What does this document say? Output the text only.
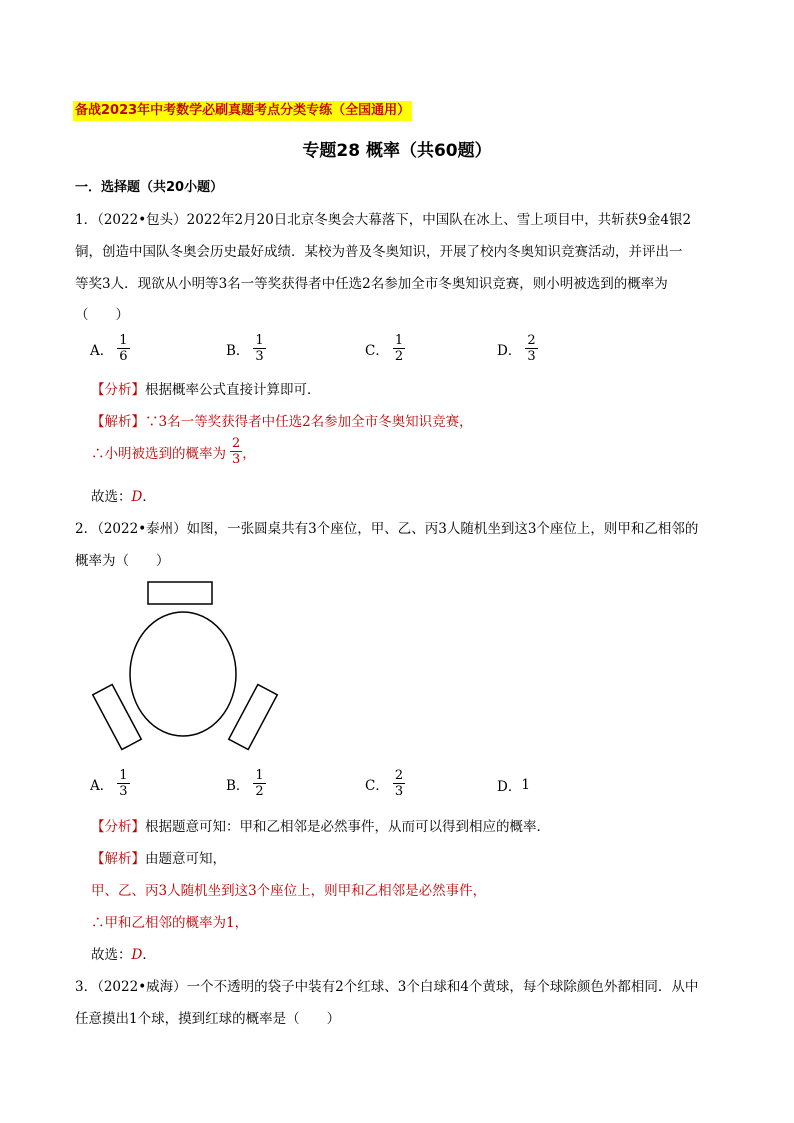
备战2023年中考数学必刷真题考点分类专练（全国通用）
专题28 概率（共60题）
一．选择题（共20小题）
1．（2022•包头）2022年2月20日北京冬奥会大幕落下，中国队在冰上、雪上项目中，共斩获9金4银2
铜，创造中国队冬奥会历史最好成绩．某校为普及冬奥知识，开展了校内冬奥知识竞赛活动，并评出一
等奖3人．现欲从小明等3名一等奖获得者中任选2名参加全市冬奥知识竞赛，则小明被选到的概率为
（　　）
A． $\frac{1}{6}$	B． $\frac{1}{3}$	C． $\frac{1}{2}$	D． $\frac{2}{3}$
【分析】根据概率公式直接计算即可．
【解析】∵3名一等奖获得者中任选2名参加全市冬奥知识竞赛，
∴小明被选到的概率为 $\frac{2}{3}$ ，
故选：D．
2．（2022•泰州）如图，一张圆桌共有3个座位，甲、乙、丙3人随机坐到这3个座位上，则甲和乙相邻的
概率为（　　）
A． $\frac{1}{3}$	B． $\frac{1}{2}$	C． $\frac{2}{3}$	D． 1
【分析】根据题意可知：甲和乙相邻是必然事件，从而可以得到相应的概率．
【解析】由题意可知，
甲、乙、丙3人随机坐到这3个座位上，则甲和乙相邻是必然事件，
∴甲和乙相邻的概率为1，
故选：D．
3．（2022•威海）一个不透明的袋子中装有2个红球、3个白球和4个黄球，每个球除颜色外都相同．从中
任意摸出1个球，摸到红球的概率是（　　）
